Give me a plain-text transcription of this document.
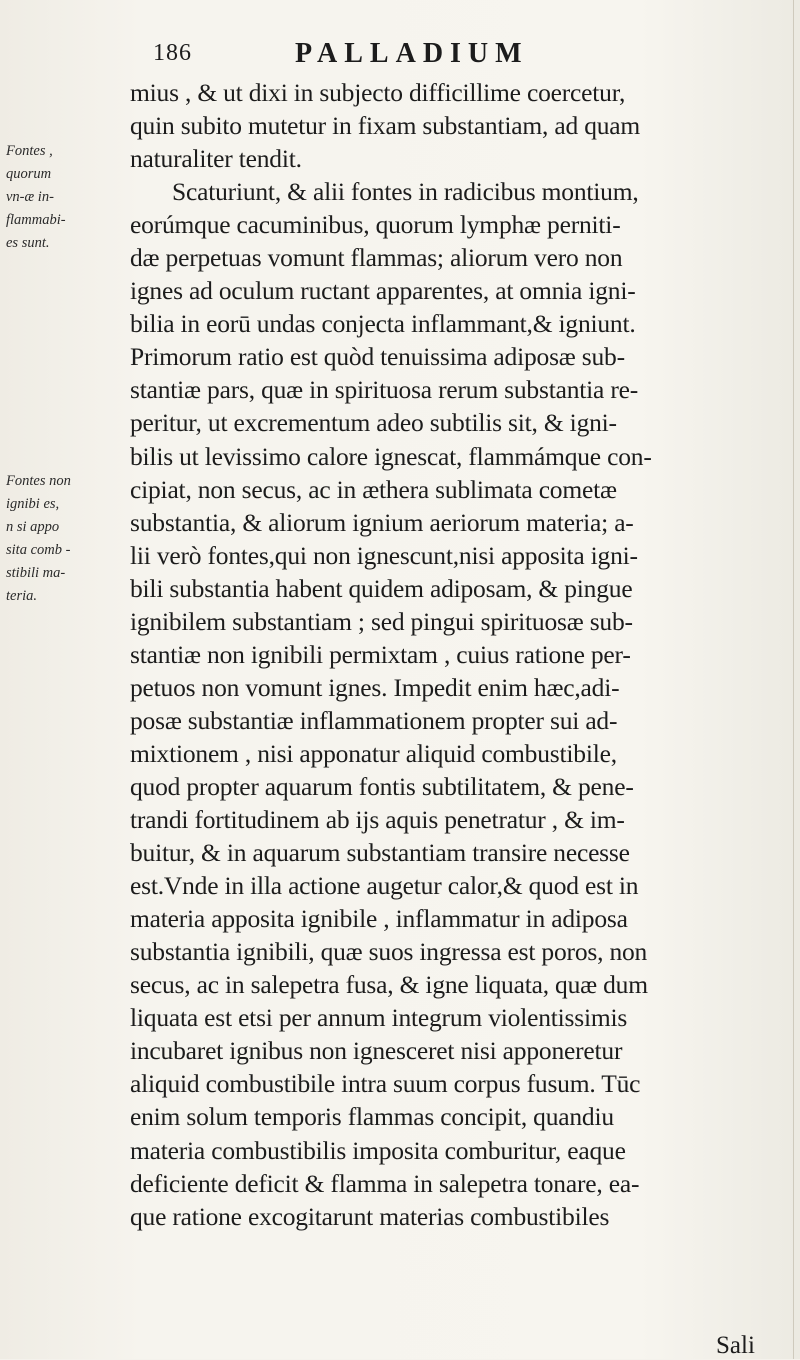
186	PALLADIUM
Fontes ,
quorum
vn-æ in-
flammabi-
es sunt.
Fontes non
ignibi es,
n si appo
sita comb -
stibili ma-
teria.
mius , & ut dixi in subjecto difficillime coercetur,
quin subito mutetur in fixam substantiam, ad quam
naturaliter tendit.
Scaturiunt, & alii fontes in radicibus montium,
eorúmque cacuminibus, quorum lymphæ perniti-
dæ perpetuas vomunt flammas; aliorum vero non
ignes ad oculum ructant apparentes, at omnia igni-
bilia in eorū undas conjecta inflammant,& igniunt.
Primorum ratio est quòd tenuissima adiposæ sub-
stantiæ pars, quæ in spirituosa rerum substantia re-
peritur, ut excrementum adeo subtilis sit, & igni-
bilis ut levissimo calore ignescat, flammámque con-
cipiat, non secus, ac in æthera sublimata cometæ
substantia, & aliorum ignium aeriorum materia; a-
lii verò fontes,qui non ignescunt,nisi apposita igni-
bili substantia habent quidem adiposam, & pingue
ignibilem substantiam ; sed pingui spirituosæ sub-
stantiæ non ignibili permixtam , cuius ratione per-
petuos non vomunt ignes. Impedit enim hæc,adi-
posæ substantiæ inflammationem propter sui ad-
mixtionem , nisi apponatur aliquid combustibile,
quod propter aquarum fontis subtilitatem, & pene-
trandi fortitudinem ab ijs aquis penetratur , & im-
buitur, & in aquarum substantiam transire necesse
est.Vnde in illa actione augetur calor,& quod est in
materia apposita ignibile , inflammatur in adiposa
substantia ignibili, quæ suos ingressa est poros, non
secus, ac in salepetra fusa, & igne liquata, quæ dum
liquata est etsi per annum integrum violentissimis
incubaret ignibus non ignesceret nisi apponeretur
aliquid combustibile intra suum corpus fusum. Tūc
enim solum temporis flammas concipit, quandiu
materia combustibilis imposita comburitur, eaque
deficiente deficit & flamma in salepetra tonare, ea-
que ratione excogitarunt materias combustibiles
Sali
